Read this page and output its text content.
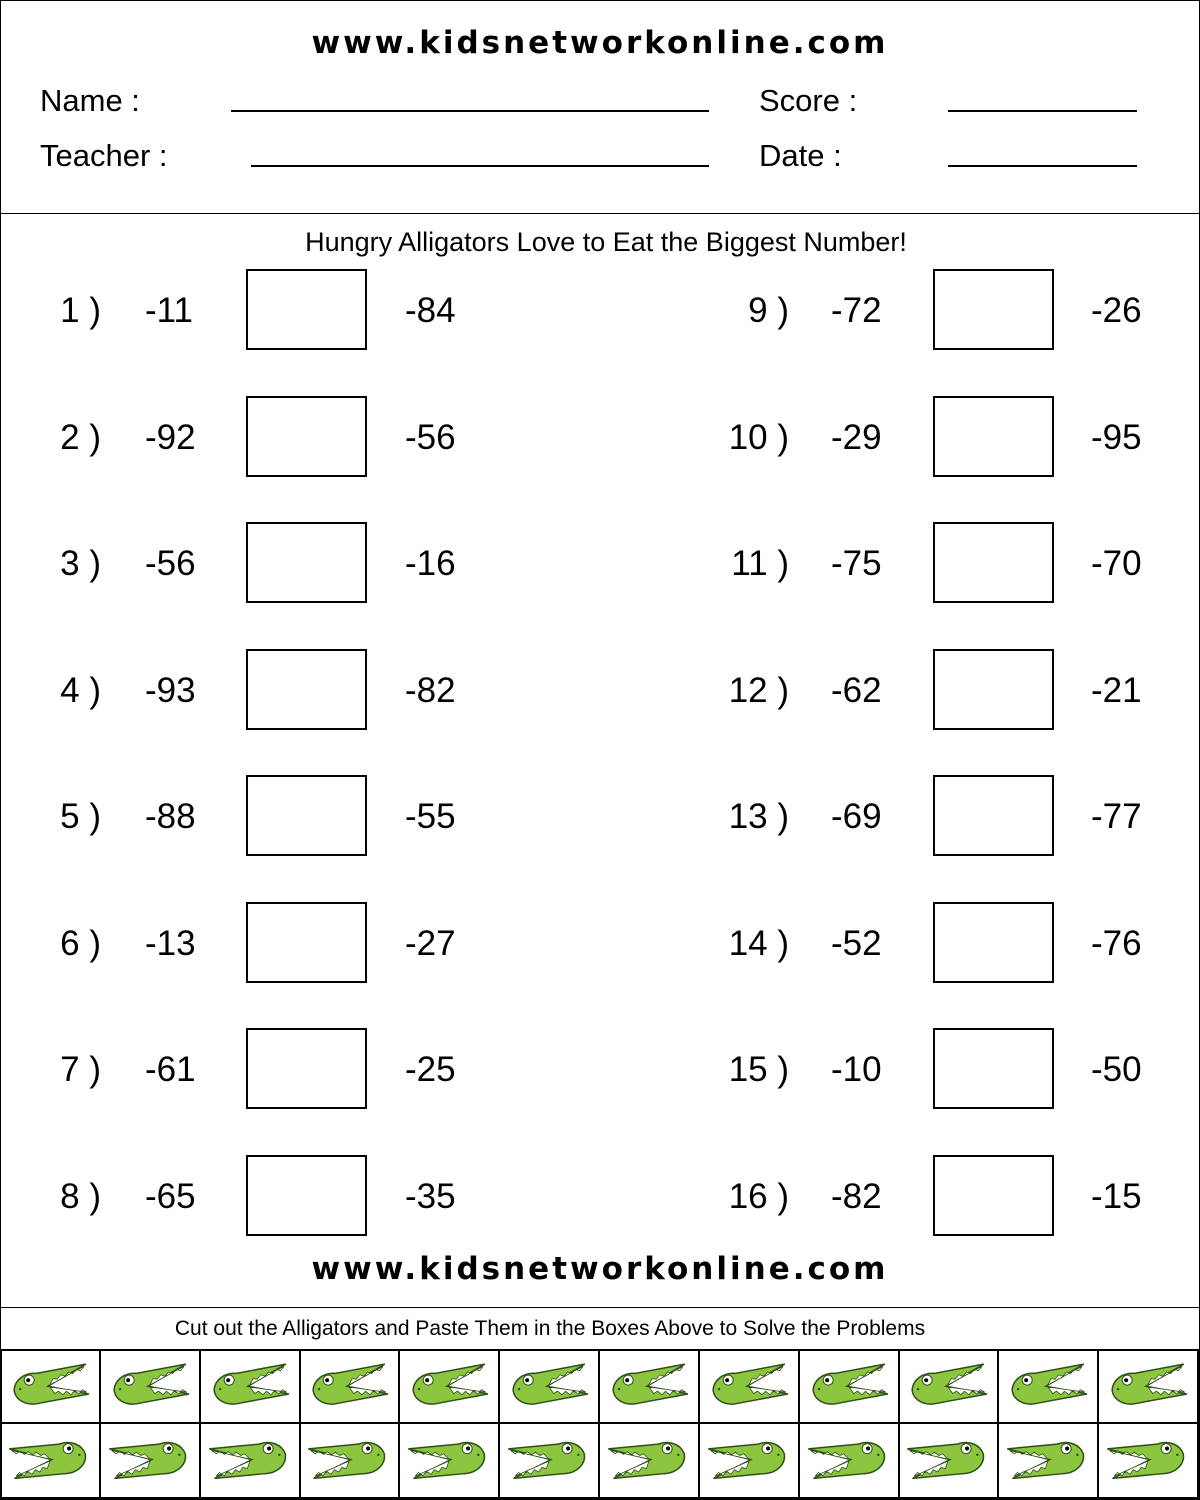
www.kidsnetworkonline.com
Name :	Score :
Teacher :	Date :
Hungry Alligators Love to Eat the Biggest Number!
1 ) -11	-84
2 ) -92	-56
3 ) -56	-16
4 ) -93	-82
5 ) -88	-55
6 ) -13	-27
7 ) -61	-25
8 ) -65	-35
9 ) -72	-26
10 ) -29	-95
11 ) -75	-70
12 ) -62	-21
13 ) -69	-77
14 ) -52	-76
15 ) -10	-50
16 ) -82	-15
www.kidsnetworkonline.com
Cut out the Alligators and Paste Them in the Boxes Above to Solve the Problems
